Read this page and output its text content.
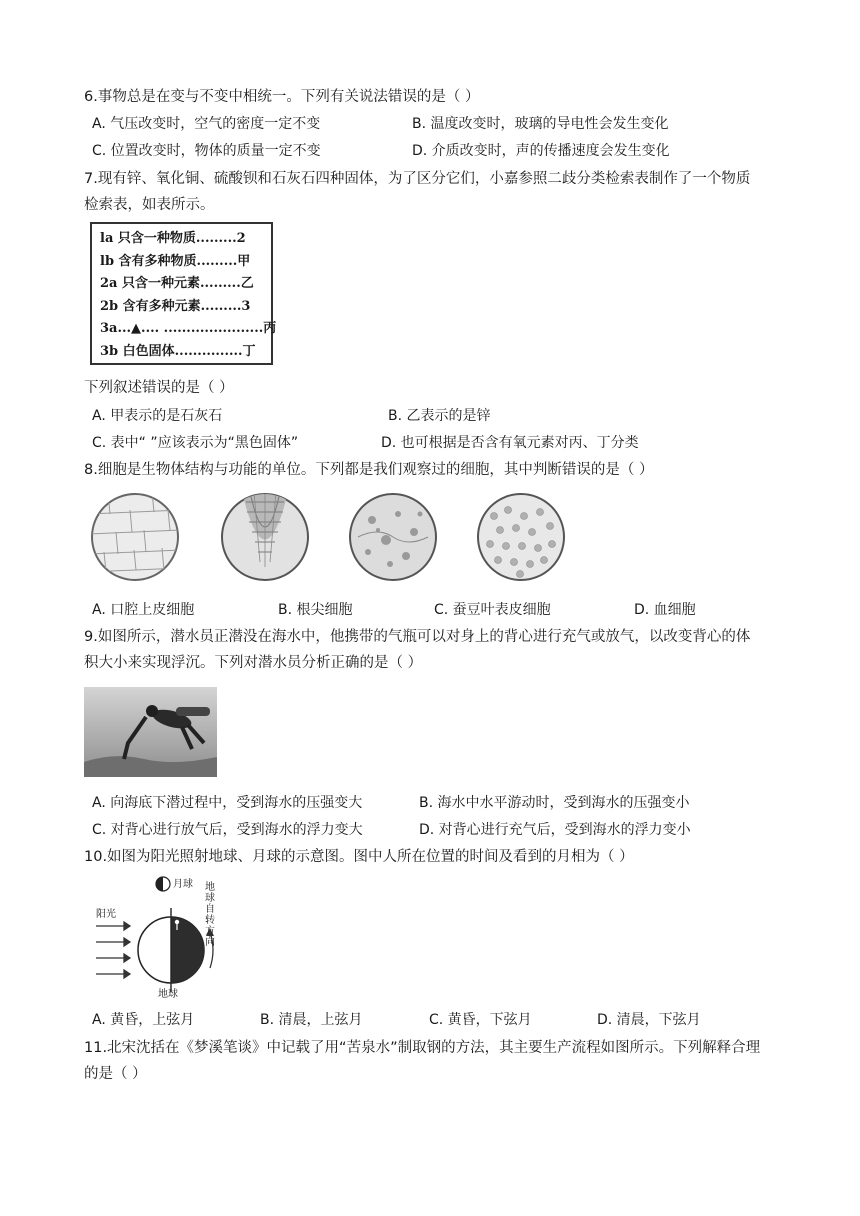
6.事物总是在变与不变中相统一。下列有关说法错误的是（ ）
A. 气压改变时，空气的密度一定不变	B. 温度改变时，玻璃的导电性会发生变化
C. 位置改变时，物体的质量一定不变	D. 介质改变时，声的传播速度会发生变化
7.现有锌、氧化铜、硫酸钡和石灰石四种固体，为了区分它们，小嘉参照二歧分类检索表制作了一个物质
检索表，如表所示。
la 只含一种物质.........2
lb 含有多种物质.........甲
2a 只含一种元素.........乙
2b 含有多种元素.........3
3a...▲.... ......................丙
3b 白色固体...............丁
下列叙述错误的是（ ）
A. 甲表示的是石灰石	B. 乙表示的是锌
C. 表中“ ”应该表示为“黑色固体”	D. 也可根据是否含有氧元素对丙、丁分类
8.细胞是生物体结构与功能的单位。下列都是我们观察过的细胞，其中判断错误的是（ ）
A. 口腔上皮细胞	B. 根尖细胞	C. 蚕豆叶表皮细胞	D. 血细胞
9.如图所示，潜水员正潜没在海水中，他携带的气瓶可以对身上的背心进行充气或放气，以改变背心的体
积大小来实现浮沉。下列对潜水员分析正确的是（ ）
A. 向海底下潜过程中，受到海水的压强变大	B. 海水中水平游动时，受到海水的压强变小
C. 对背心进行放气后，受到海水的浮力变大	D. 对背心进行充气后，受到海水的浮力变小
10.如图为阳光照射地球、月球的示意图。图中人所在位置的时间及看到的月相为（ ）
月球
阳光
地球
地球自转方向
A. 黄昏，上弦月	B. 清晨，上弦月	C. 黄昏，下弦月	D. 清晨，下弦月
11.北宋沈括在《梦溪笔谈》中记载了用“苦泉水”制取钢的方法，其主要生产流程如图所示。下列解释合理
的是（ ）
